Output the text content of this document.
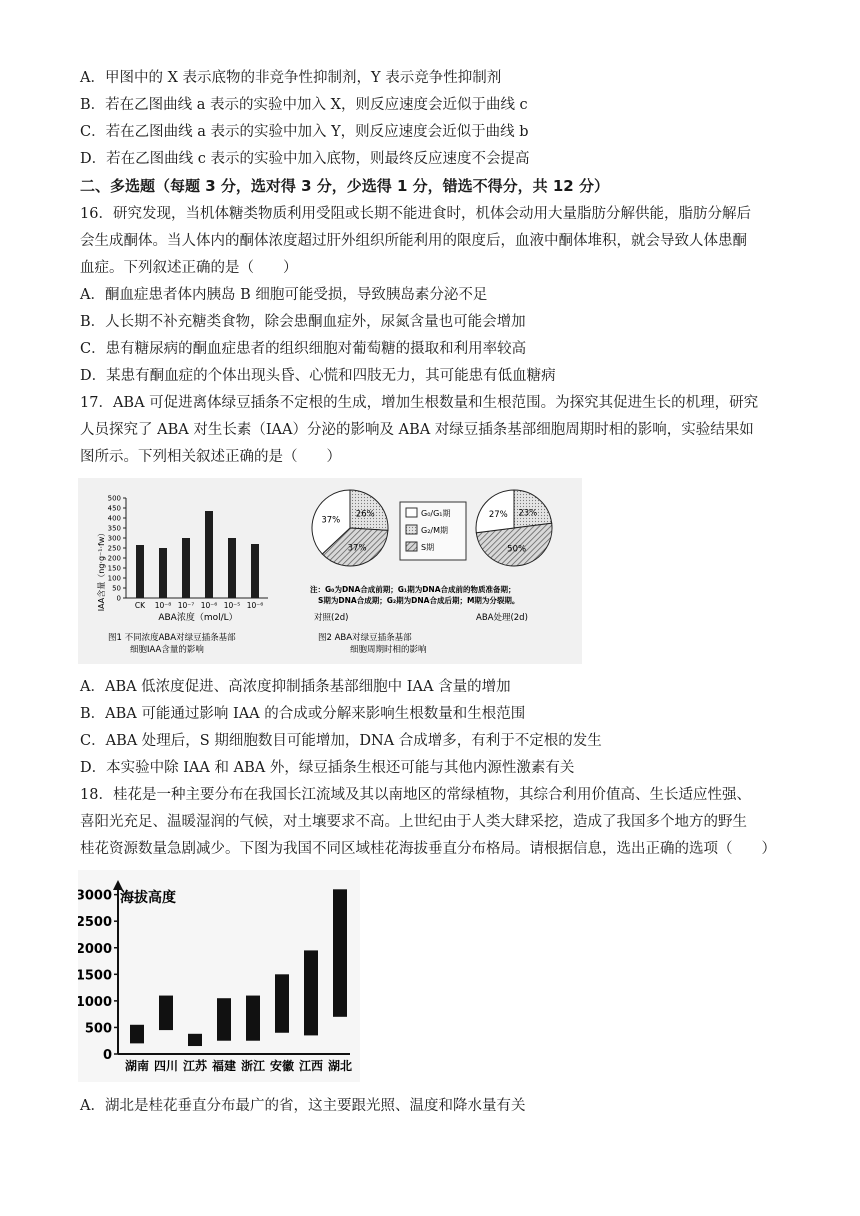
A．甲图中的 X 表示底物的非竞争性抑制剂，Y 表示竞争性抑制剂
B．若在乙图曲线 a 表示的实验中加入 X，则反应速度会近似于曲线 c
C．若在乙图曲线 a 表示的实验中加入 Y，则反应速度会近似于曲线 b
D．若在乙图曲线 c 表示的实验中加入底物，则最终反应速度不会提高
二、多选题（每题 3 分，选对得 3 分，少选得 1 分，错选不得分，共 12 分）
16．研究发现，当机体糖类物质利用受阻或长期不能进食时，机体会动用大量脂肪分解供能，脂肪分解后
会生成酮体。当人体内的酮体浓度超过肝外组织所能利用的限度后，血液中酮体堆积，就会导致人体患酮
血症。下列叙述正确的是（　　）
A．酮血症患者体内胰岛 B 细胞可能受损，导致胰岛素分泌不足
B．人长期不补充糖类食物，除会患酮血症外，尿氮含量也可能会增加
C．患有糖尿病的酮血症患者的组织细胞对葡萄糖的摄取和利用率较高
D．某患有酮血症的个体出现头昏、心慌和四肢无力，其可能患有低血糖病
17．ABA 可促进离体绿豆插条不定根的生成，增加生根数量和生根范围。为探究其促进生长的机理，研究
人员探究了 ABA 对生长素（IAA）分泌的影响及 ABA 对绿豆插条基部细胞周期时相的影响，实验结果如
图所示。下列相关叙述正确的是（　　）
A．ABA 低浓度促进、高浓度抑制插条基部细胞中 IAA 含量的增加
B．ABA 可能通过影响 IAA 的合成或分解来影响生根数量和生根范围
C．ABA 处理后，S 期细胞数目可能增加，DNA 合成增多，有利于不定根的发生
D．本实验中除 IAA 和 ABA 外，绿豆插条生根还可能与其他内源性激素有关
18．桂花是一种主要分布在我国长江流域及其以南地区的常绿植物，其综合利用价值高、生长适应性强、
喜阳光充足、温暖湿润的气候，对土壤要求不高。上世纪由于人类大肆采挖，造成了我国多个地方的野生
桂花资源数量急剧减少。下图为我国不同区域桂花海拔垂直分布格局。请根据信息，选出正确的选项（　　）
A．湖北是桂花垂直分布最广的省，这主要跟光照、温度和降水量有关
IAA含量（ng·g⁻¹·fw）
500
450
400
350
300
250
200
150
100
50
0
CK 10⁻⁸ 10⁻⁷ 10⁻⁶ 10⁻⁵ 10⁻⁶
ABA浓度（mol/L）
图1 不同浓度ABA对绿豆插条基部
细胞IAA含量的影响
26%
37%
37%
23%
50%
27%
G₀/G₁期
G₂/M期
S期
注：G₀为DNA合成前期；G₁期为DNA合成前的物质准备期；
S期为DNA合成期；G₂期为DNA合成后期；M期为分裂期。
对照(2d)	ABA处理(2d)
图2 ABA对绿豆插条基部
细胞周期时相的影响
海拔高度
3000
2500
2000
1500
1000
500
0
湖南 四川 江苏 福建 浙江 安徽 江西 湖北
